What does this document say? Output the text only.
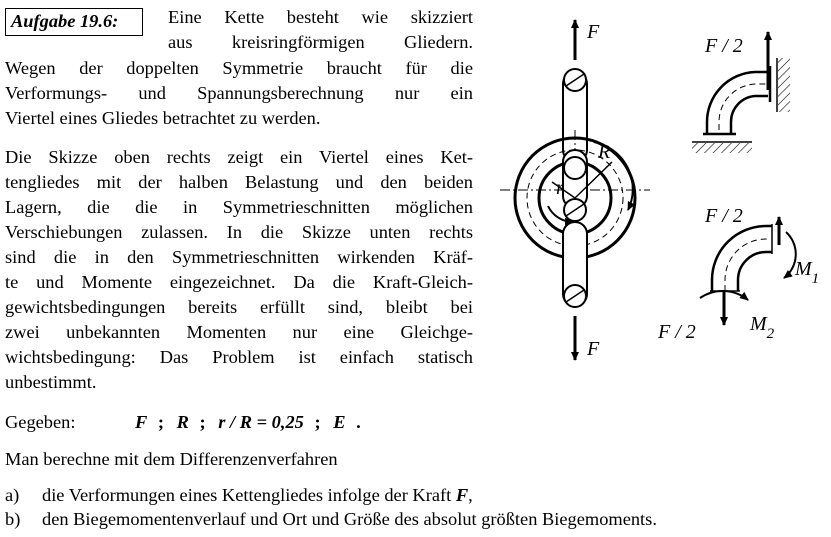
Aufgabe 19.6:	Eine Kette besteht wie skizziert
aus kreisringförmigen Gliedern.
Wegen der doppelten Symmetrie braucht für die
Verformungs- und Spannungsberechnung nur ein
Viertel eines Gliedes betrachtet zu werden.
Die Skizze oben rechts zeigt ein Viertel eines Ket-
tengliedes mit der halben Belastung und den beiden
Lagern, die die in Symmetrieschnitten möglichen
Verschiebungen zulassen. In die Skizze unten rechts
sind die in den Symmetrieschnitten wirkenden Kräf-
te und Momente eingezeichnet. Da die Kraft-Gleich-
gewichtsbedingungen bereits erfüllt sind, bleibt bei
zwei unbekannten Momenten nur eine Gleichge-
wichtsbedingung: Das Problem ist einfach statisch
unbestimmt.
Gegeben:	F ; R ; r / R = 0,25 ; E .
Man berechne mit dem Differenzenverfahren
a) die Verformungen eines Kettengliedes infolge der Kraft F,
b) den Biegemomentenverlauf und Ort und Größe des absolut größten Biegemoments.
F
F
R
r
F / 2
F / 2
F / 2
$M_1$
$M_2$
